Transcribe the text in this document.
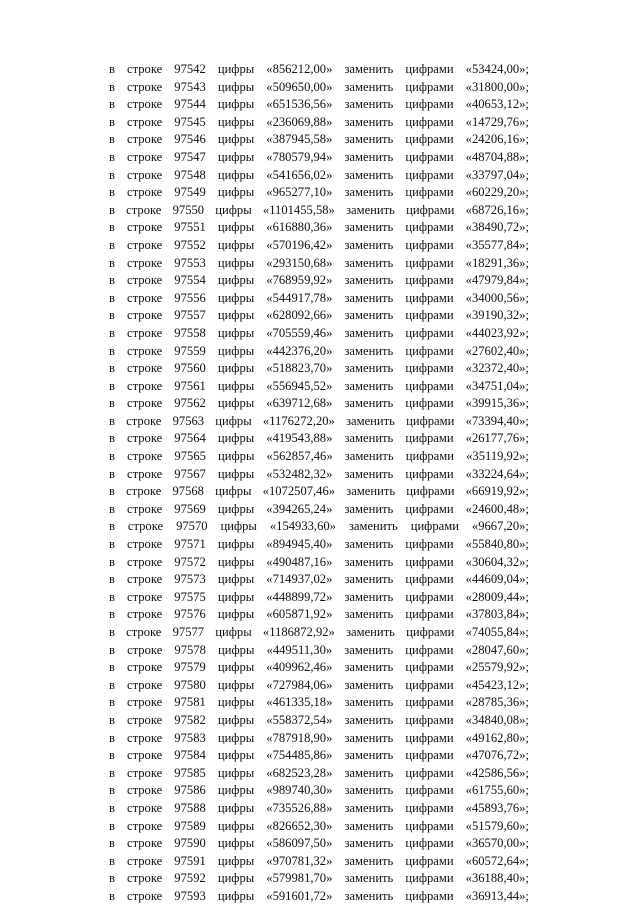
в строке 97542 цифры «856212,00» заменить цифрами «53424,00»;
в строке 97543 цифры «509650,00» заменить цифрами «31800,00»;
в строке 97544 цифры «651536,56» заменить цифрами «40653,12»;
в строке 97545 цифры «236069,88» заменить цифрами «14729,76»;
в строке 97546 цифры «387945,58» заменить цифрами «24206,16»;
в строке 97547 цифры «780579,94» заменить цифрами «48704,88»;
в строке 97548 цифры «541656,02» заменить цифрами «33797,04»;
в строке 97549 цифры «965277,10» заменить цифрами «60229,20»;
в строке 97550 цифры «1101455,58» заменить цифрами «68726,16»;
в строке 97551 цифры «616880,36» заменить цифрами «38490,72»;
в строке 97552 цифры «570196,42» заменить цифрами «35577,84»;
в строке 97553 цифры «293150,68» заменить цифрами «18291,36»;
в строке 97554 цифры «768959,92» заменить цифрами «47979,84»;
в строке 97556 цифры «544917,78» заменить цифрами «34000,56»;
в строке 97557 цифры «628092,66» заменить цифрами «39190,32»;
в строке 97558 цифры «705559,46» заменить цифрами «44023,92»;
в строке 97559 цифры «442376,20» заменить цифрами «27602,40»;
в строке 97560 цифры «518823,70» заменить цифрами «32372,40»;
в строке 97561 цифры «556945,52» заменить цифрами «34751,04»;
в строке 97562 цифры «639712,68» заменить цифрами «39915,36»;
в строке 97563 цифры «1176272,20» заменить цифрами «73394,40»;
в строке 97564 цифры «419543,88» заменить цифрами «26177,76»;
в строке 97565 цифры «562857,46» заменить цифрами «35119,92»;
в строке 97567 цифры «532482,32» заменить цифрами «33224,64»;
в строке 97568 цифры «1072507,46» заменить цифрами «66919,92»;
в строке 97569 цифры «394265,24» заменить цифрами «24600,48»;
в строке 97570 цифры «154933,60» заменить цифрами «9667,20»;
в строке 97571 цифры «894945,40» заменить цифрами «55840,80»;
в строке 97572 цифры «490487,16» заменить цифрами «30604,32»;
в строке 97573 цифры «714937,02» заменить цифрами «44609,04»;
в строке 97575 цифры «448899,72» заменить цифрами «28009,44»;
в строке 97576 цифры «605871,92» заменить цифрами «37803,84»;
в строке 97577 цифры «1186872,92» заменить цифрами «74055,84»;
в строке 97578 цифры «449511,30» заменить цифрами «28047,60»;
в строке 97579 цифры «409962,46» заменить цифрами «25579,92»;
в строке 97580 цифры «727984,06» заменить цифрами «45423,12»;
в строке 97581 цифры «461335,18» заменить цифрами «28785,36»;
в строке 97582 цифры «558372,54» заменить цифрами «34840,08»;
в строке 97583 цифры «787918,90» заменить цифрами «49162,80»;
в строке 97584 цифры «754485,86» заменить цифрами «47076,72»;
в строке 97585 цифры «682523,28» заменить цифрами «42586,56»;
в строке 97586 цифры «989740,30» заменить цифрами «61755,60»;
в строке 97588 цифры «735526,88» заменить цифрами «45893,76»;
в строке 97589 цифры «826652,30» заменить цифрами «51579,60»;
в строке 97590 цифры «586097,50» заменить цифрами «36570,00»;
в строке 97591 цифры «970781,32» заменить цифрами «60572,64»;
в строке 97592 цифры «579981,70» заменить цифрами «36188,40»;
в строке 97593 цифры «591601,72» заменить цифрами «36913,44»;
